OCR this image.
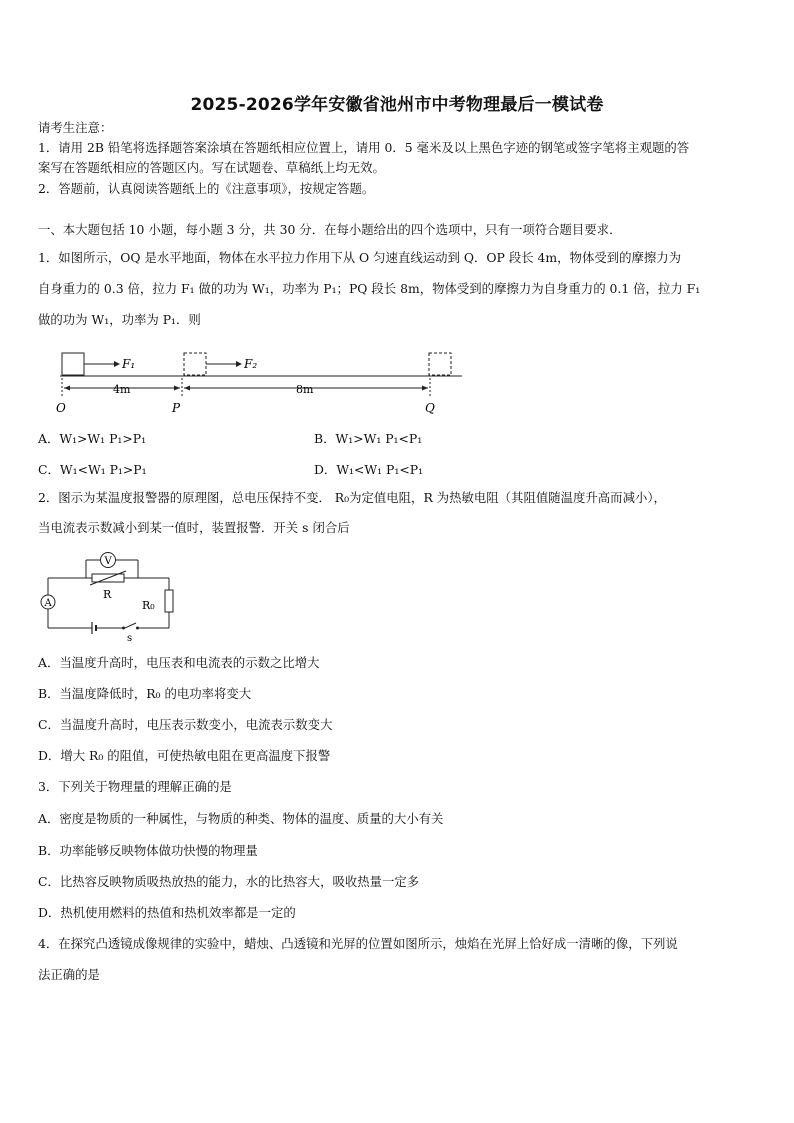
2025-2026学年安徽省池州市中考物理最后一模试卷
请考生注意：
1．请用 2B 铅笔将选择题答案涂填在答题纸相应位置上，请用 0．5 毫米及以上黑色字迹的钢笔或签字笔将主观题的答
案写在答题纸相应的答题区内。写在试题卷、草稿纸上均无效。
2．答题前，认真阅读答题纸上的《注意事项》，按规定答题。
一、本大题包括 10 小题，每小题 3 分，共 30 分．在每小题给出的四个选项中，只有一项符合题目要求．
1．如图所示，OQ 是水平地面，物体在水平拉力作用下从 O 匀速直线运动到 Q．OP 段长 4m，物体受到的摩擦力为
自身重力的 0.3 倍，拉力 F₁ 做的功为 W₁，功率为 P₁；PQ 段长 8m，物体受到的摩擦力为自身重力的 0.1 倍，拉力 F₁
做的功为 W₁，功率为 P₁．则
F₁	F₂
4m	8m
O	P	Q
A．W₁>W₁ P₁>P₁	B．W₁>W₁ P₁<P₁
C．W₁<W₁ P₁>P₁	D．W₁<W₁ P₁<P₁
2．图示为某温度报警器的原理图，总电压保持不变． R₀为定值电阻，R 为热敏电阻（其阻值随温度升高而减小），
当电流表示数减小到某一值时，装置报警．开关 s 闭合后
V
R
R₀
A
s
A．当温度升高时，电压表和电流表的示数之比增大
B．当温度降低时，R₀ 的电功率将变大
C．当温度升高时，电压表示数变小，电流表示数变大
D．增大 R₀ 的阻值，可使热敏电阻在更高温度下报警
3．下列关于物理量的理解正确的是
A．密度是物质的一种属性，与物质的种类、物体的温度、质量的大小有关
B．功率能够反映物体做功快慢的物理量
C．比热容反映物质吸热放热的能力，水的比热容大，吸收热量一定多
D．热机使用燃料的热值和热机效率都是一定的
4．在探究凸透镜成像规律的实验中，蜡烛、凸透镜和光屏的位置如图所示，烛焰在光屏上恰好成一清晰的像，下列说
法正确的是
